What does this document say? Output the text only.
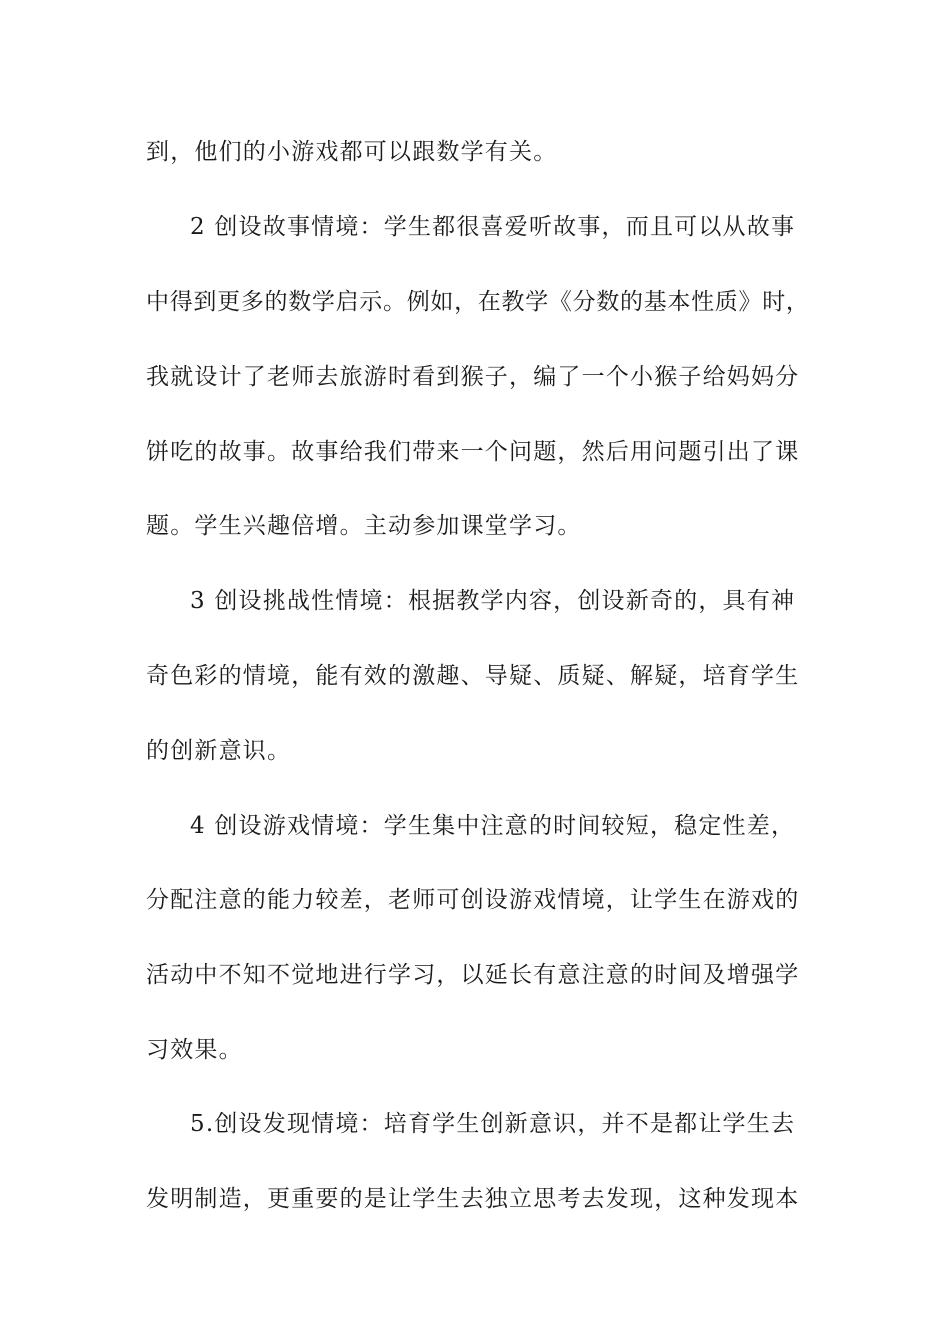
到，他们的小游戏都可以跟数学有关。
2 创设故事情境：学生都很喜爱听故事，而且可以从故事
中得到更多的数学启示。例如，在教学《分数的基本性质》时，
我就设计了老师去旅游时看到猴子，编了一个小猴子给妈妈分
饼吃的故事。故事给我们带来一个问题，然后用问题引出了课
题。学生兴趣倍增。主动参加课堂学习。
3 创设挑战性情境：根据教学内容，创设新奇的，具有神
奇色彩的情境，能有效的激趣、导疑、质疑、解疑，培育学生
的创新意识。
4 创设游戏情境：学生集中注意的时间较短，稳定性差，
分配注意的能力较差，老师可创设游戏情境，让学生在游戏的
活动中不知不觉地进行学习，以延长有意注意的时间及增强学
习效果。
5.创设发现情境：培育学生创新意识，并不是都让学生去
发明制造，更重要的是让学生去独立思考去发现，这种发现本
